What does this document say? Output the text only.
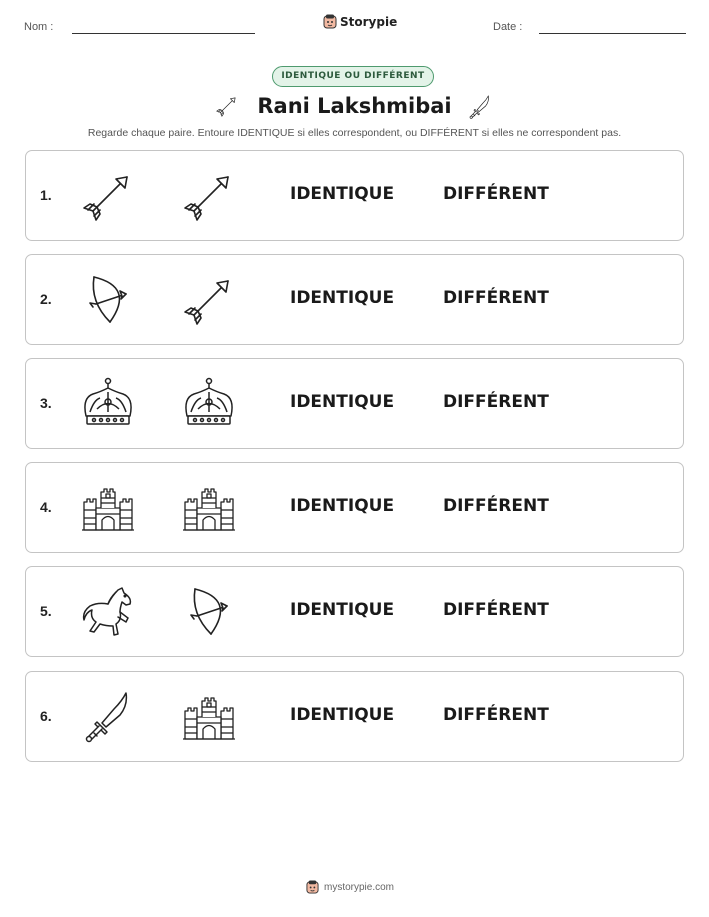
Nom :	Storypie	Date :
IDENTIQUE OU DIFFÉRENT
Rani Lakshmibai
Regarde chaque paire. Entoure IDENTIQUE si elles correspondent, ou DIFFÉRENT si elles ne correspondent pas.
1.	IDENTIQUE	DIFFÉRENT
2.	IDENTIQUE	DIFFÉRENT
3.	IDENTIQUE	DIFFÉRENT
4.	IDENTIQUE	DIFFÉRENT
5.	IDENTIQUE	DIFFÉRENT
6.	IDENTIQUE	DIFFÉRENT
mystorypie.com
